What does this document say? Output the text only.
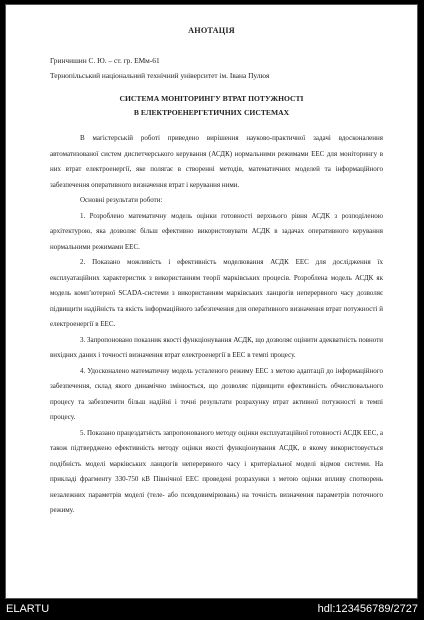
АНОТАЦІЯ
Гринчишин С. Ю. – ст. гр. ЕМм-61
Тернопільський національний технічний університет ім. Івана Пулюя
СИСТЕМА МОНІТОРИНГУ ВТРАТ ПОТУЖНОСТІ
В ЕЛЕКТРОЕНЕРГЕТИЧНИХ СИСТЕМАХ

В магістерській роботі приведено вирішення науково-практичної задачі вдосконалення автоматизованої систем диспетчерського керування (АСДК) нормальними режимами ЕЕС для моніторингу в них втрат електроенергії, яке полягає в створенні методів, математичних моделей та інформаційного забезпечення оперативного визначення втрат і керування ними.

Основні результати роботи:

1. Розроблено математичну модель оцінки готовності верхнього рівня АСДК з розподіленою архітектурою, яка дозволяє більш ефективно використовувати АСДК в задачах оперативного керування нормальними режимами ЕЕС.

2. Показано можливість і ефективність моделювання АСДК ЕЕС для дослідження їх експлуатаційних характеристик з використанням теорії марківських процесів. Розроблена модель АСДК як модель комп’ютерної SCADA-системи з використанням марківських ланцюгів неперервного часу дозволяє підвищити надійність та якість інформаційного забезпечення для оперативного визначення втрат потужності й електроенергії в ЕЕС.

3. Запропоновано показник якості функціонування АСДК, що дозволяє оцінити адекватність повноти вихідних даних і точності визначення втрат електроенергії в ЕЕС в темпі процесу.

4. Удосконалено математичну модель усталеного режиму ЕЕС з метою адаптації до інформаційного забезпечення, склад якого динамічно змінюється, що дозволяє підвищити ефективність обчислювального процесу та забезпечити більш надійні і точні результати розрахунку втрат активної потужності в темпі процесу.

5. Показано працездатність запропонованого методу оцінки експлуатаційної готовності АСДК ЕЕС, а також підтверджено ефективність методу оцінки якості функціонування АСДК, в якому використовується подібність моделі марківських ланцюгів неперервного часу і критеріальної моделі відмов системи. На прикладі фрагменту 330-750 кВ Північної ЕЕС проведені розрахунки з метою оцінки впливу спотворень незалежних параметрів моделі (теле- або псевдовимірювань) на точність визначення параметрів поточного режиму.

ELARTU	hdl:123456789/2727
